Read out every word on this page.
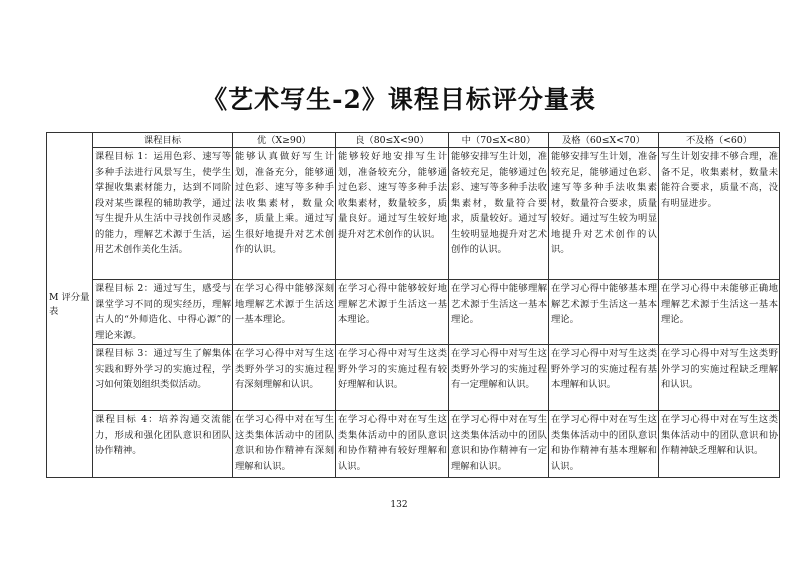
《艺术写生-2》课程目标评分量表
M 评分量表	课程目标	优（X≥90）	良（80≤X<90）	中（70≤X<80）	及格（60≤X<70）	不及格（<60）
	课程目标 1：运用色彩、速写等多种手法进行风景写生，使学生掌握收集素材能力，达到不同阶段对某些课程的辅助教学，通过写生提升从生活中寻找创作灵感的能力，理解艺术源于生活，运用艺术创作美化生活。	能够认真做好写生计划，准备充分，能够通过色彩、速写等多种手法收集素材，数量众多，质量上乘。通过写生很好地提升对艺术创作的认识。	能够较好地安排写生计划，准备较充分，能够通过色彩、速写等多种手法收集素材，数量较多，质量良好。通过写生较好地提升对艺术创作的认识。	能够安排写生计划，准备较充足，能够通过色彩、速写等多种手法收集素材，数量符合要求，质量较好。通过写生较明显地提升对艺术创作的认识。	能够安排写生计划，准备较充足，能够通过色彩、速写等多种手法收集素材，数量符合要求，质量较好。通过写生较为明显地提升对艺术创作的认识。	写生计划安排不够合理，准备不足，收集素材，数量未能符合要求，质量不高，没有明显进步。
	课程目标 2：通过写生，感受与课堂学习不同的现实经历，理解古人的“外师造化、中得心源”的理论来源。	在学习心得中能够深刻地理解艺术源于生活这一基本理论。	在学习心得中能够较好地理解艺术源于生活这一基本理论。	在学习心得中能够理解艺术源于生活这一基本理论。	在学习心得中能够基本理解艺术源于生活这一基本理论。	在学习心得中未能够正确地理解艺术源于生活这一基本理论。
	课程目标 3：通过写生了解集体实践和野外学习的实施过程，学习如何策划组织类似活动。	在学习心得中对写生这类野外学习的实施过程有深刻理解和认识。	在学习心得中对写生这类野外学习的实施过程有较好理解和认识。	在学习心得中对写生这类野外学习的实施过程有一定理解和认识。	在学习心得中对写生这类野外学习的实施过程有基本理解和认识。	在学习心得中对写生这类野外学习的实施过程缺乏理解和认识。
	课程目标 4：培养沟通交流能力，形成和强化团队意识和团队协作精神。	在学习心得中对在写生这类集体活动中的团队意识和协作精神有深刻理解和认识。	在学习心得中对在写生这类集体活动中的团队意识和协作精神有较好理解和认识。	在学习心得中对在写生这类集体活动中的团队意识和协作精神有一定理解和认识。	在学习心得中对在写生这类集体活动中的团队意识和协作精神有基本理解和认识。	在学习心得中对在写生这类集体活动中的团队意识和协作精神缺乏理解和认识。
132
